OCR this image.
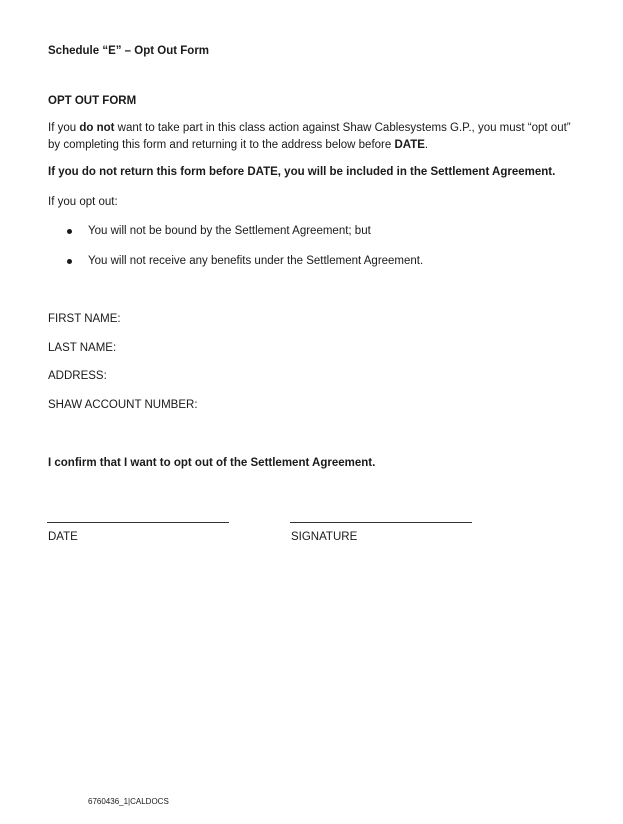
Schedule “E” – Opt Out Form
OPT OUT FORM
If you do not want to take part in this class action against Shaw Cablesystems G.P., you must “opt out”
by completing this form and returning it to the address below before DATE.
If you do not return this form before DATE, you will be included in the Settlement Agreement.
If you opt out:
You will not be bound by the Settlement Agreement; but
You will not receive any benefits under the Settlement Agreement.
FIRST NAME:
LAST NAME:
ADDRESS:
SHAW ACCOUNT NUMBER:
I confirm that I want to opt out of the Settlement Agreement.
DATE	SIGNATURE
6760436_1|CALDOCS
